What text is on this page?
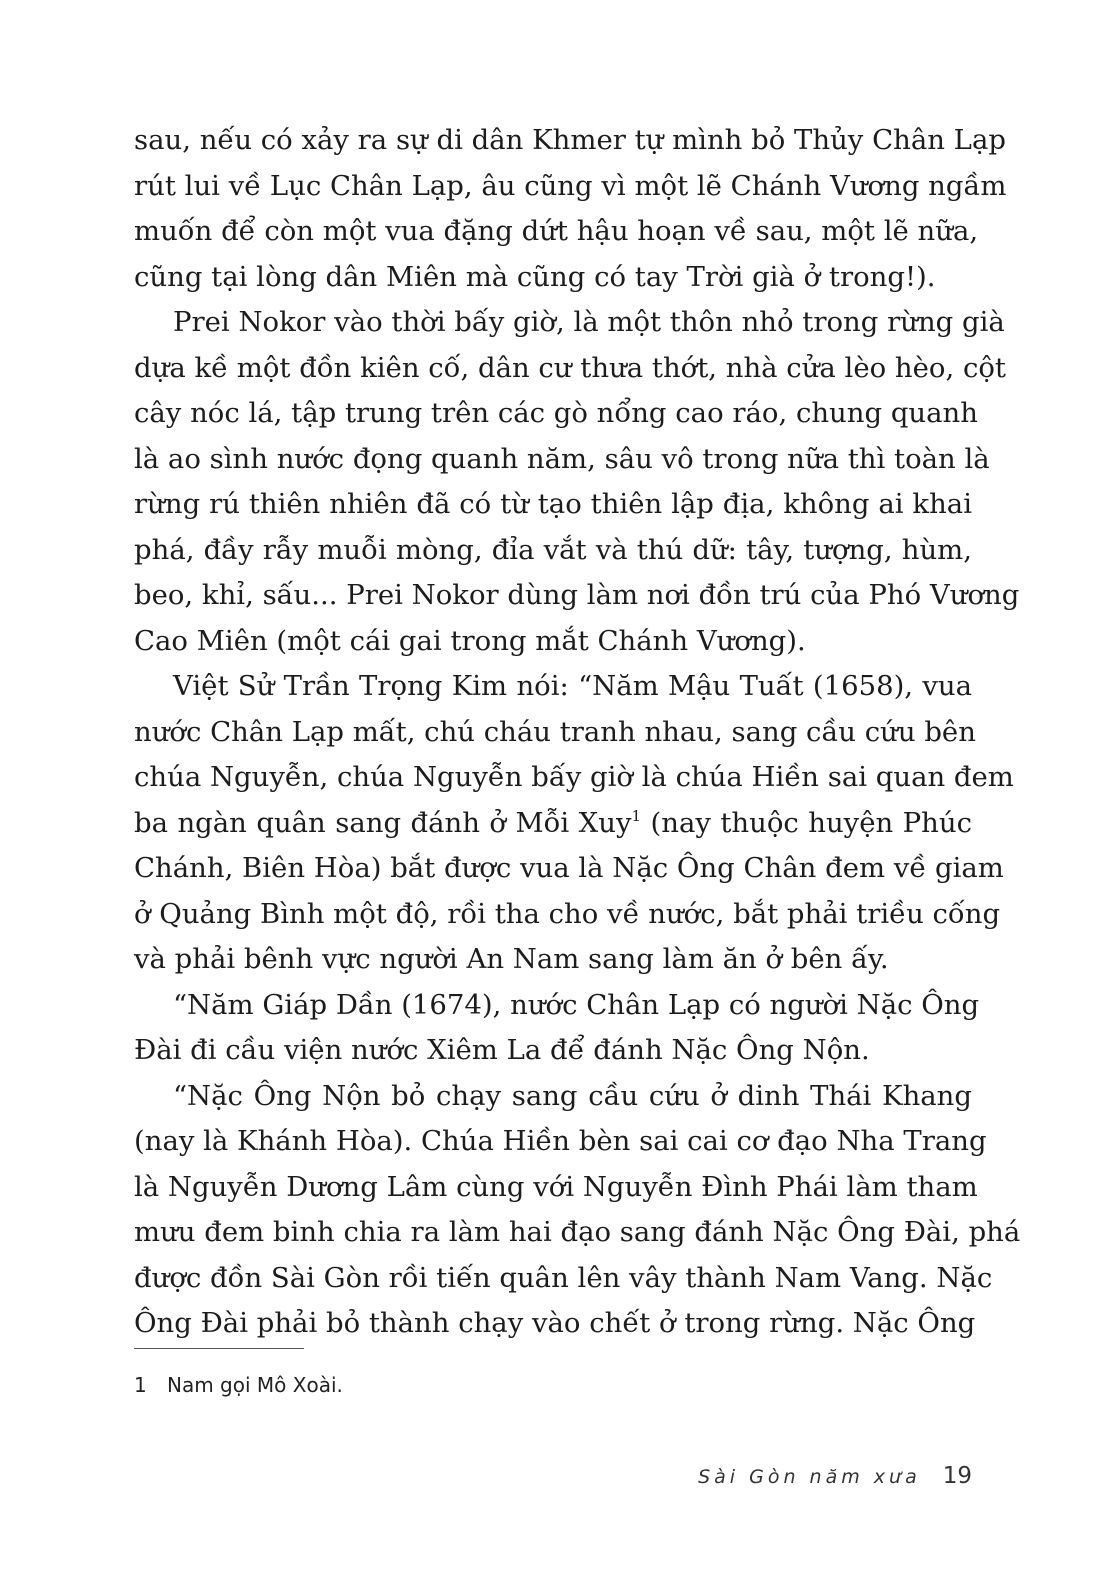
sau, nếu có xảy ra sự di dân Khmer tự mình bỏ Thủy Chân Lạp
rút lui về Lục Chân Lạp, âu cũng vì một lẽ Chánh Vương ngầm
muốn để còn một vua đặng dứt hậu hoạn về sau, một lẽ nữa,
cũng tại lòng dân Miên mà cũng có tay Trời già ở trong!).
Prei Nokor vào thời bấy giờ, là một thôn nhỏ trong rừng già
dựa kề một đồn kiên cố, dân cư thưa thớt, nhà cửa lèo hèo, cột
cây nóc lá, tập trung trên các gò nổng cao ráo, chung quanh
là ao sình nước đọng quanh năm, sâu vô trong nữa thì toàn là
rừng rú thiên nhiên đã có từ tạo thiên lập địa, không ai khai
phá, đầy rẫy muỗi mòng, đỉa vắt và thú dữ: tây, tượng, hùm,
beo, khỉ, sấu... Prei Nokor dùng làm nơi đồn trú của Phó Vương
Cao Miên (một cái gai trong mắt Chánh Vương).
Việt Sử Trần Trọng Kim nói: “Năm Mậu Tuất (1658), vua
nước Chân Lạp mất, chú cháu tranh nhau, sang cầu cứu bên
chúa Nguyễn, chúa Nguyễn bấy giờ là chúa Hiền sai quan đem
ba ngàn quân sang đánh ở Mỗi Xuy$^1$ (nay thuộc huyện Phúc
Chánh, Biên Hòa) bắt được vua là Nặc Ông Chân đem về giam
ở Quảng Bình một độ, rồi tha cho về nước, bắt phải triều cống
và phải bênh vực người An Nam sang làm ăn ở bên ấy.
“Năm Giáp Dần (1674), nước Chân Lạp có người Nặc Ông
Đài đi cầu viện nước Xiêm La để đánh Nặc Ông Nộn.
“Nặc Ông Nộn bỏ chạy sang cầu cứu ở dinh Thái Khang
(nay là Khánh Hòa). Chúa Hiền bèn sai cai cơ đạo Nha Trang
là Nguyễn Dương Lâm cùng với Nguyễn Đình Phái làm tham
mưu đem binh chia ra làm hai đạo sang đánh Nặc Ông Đài, phá
được đồn Sài Gòn rồi tiến quân lên vây thành Nam Vang. Nặc
Ông Đài phải bỏ thành chạy vào chết ở trong rừng. Nặc Ông
1 Nam gọi Mô Xoài.
Sài Gòn năm xưa 19
